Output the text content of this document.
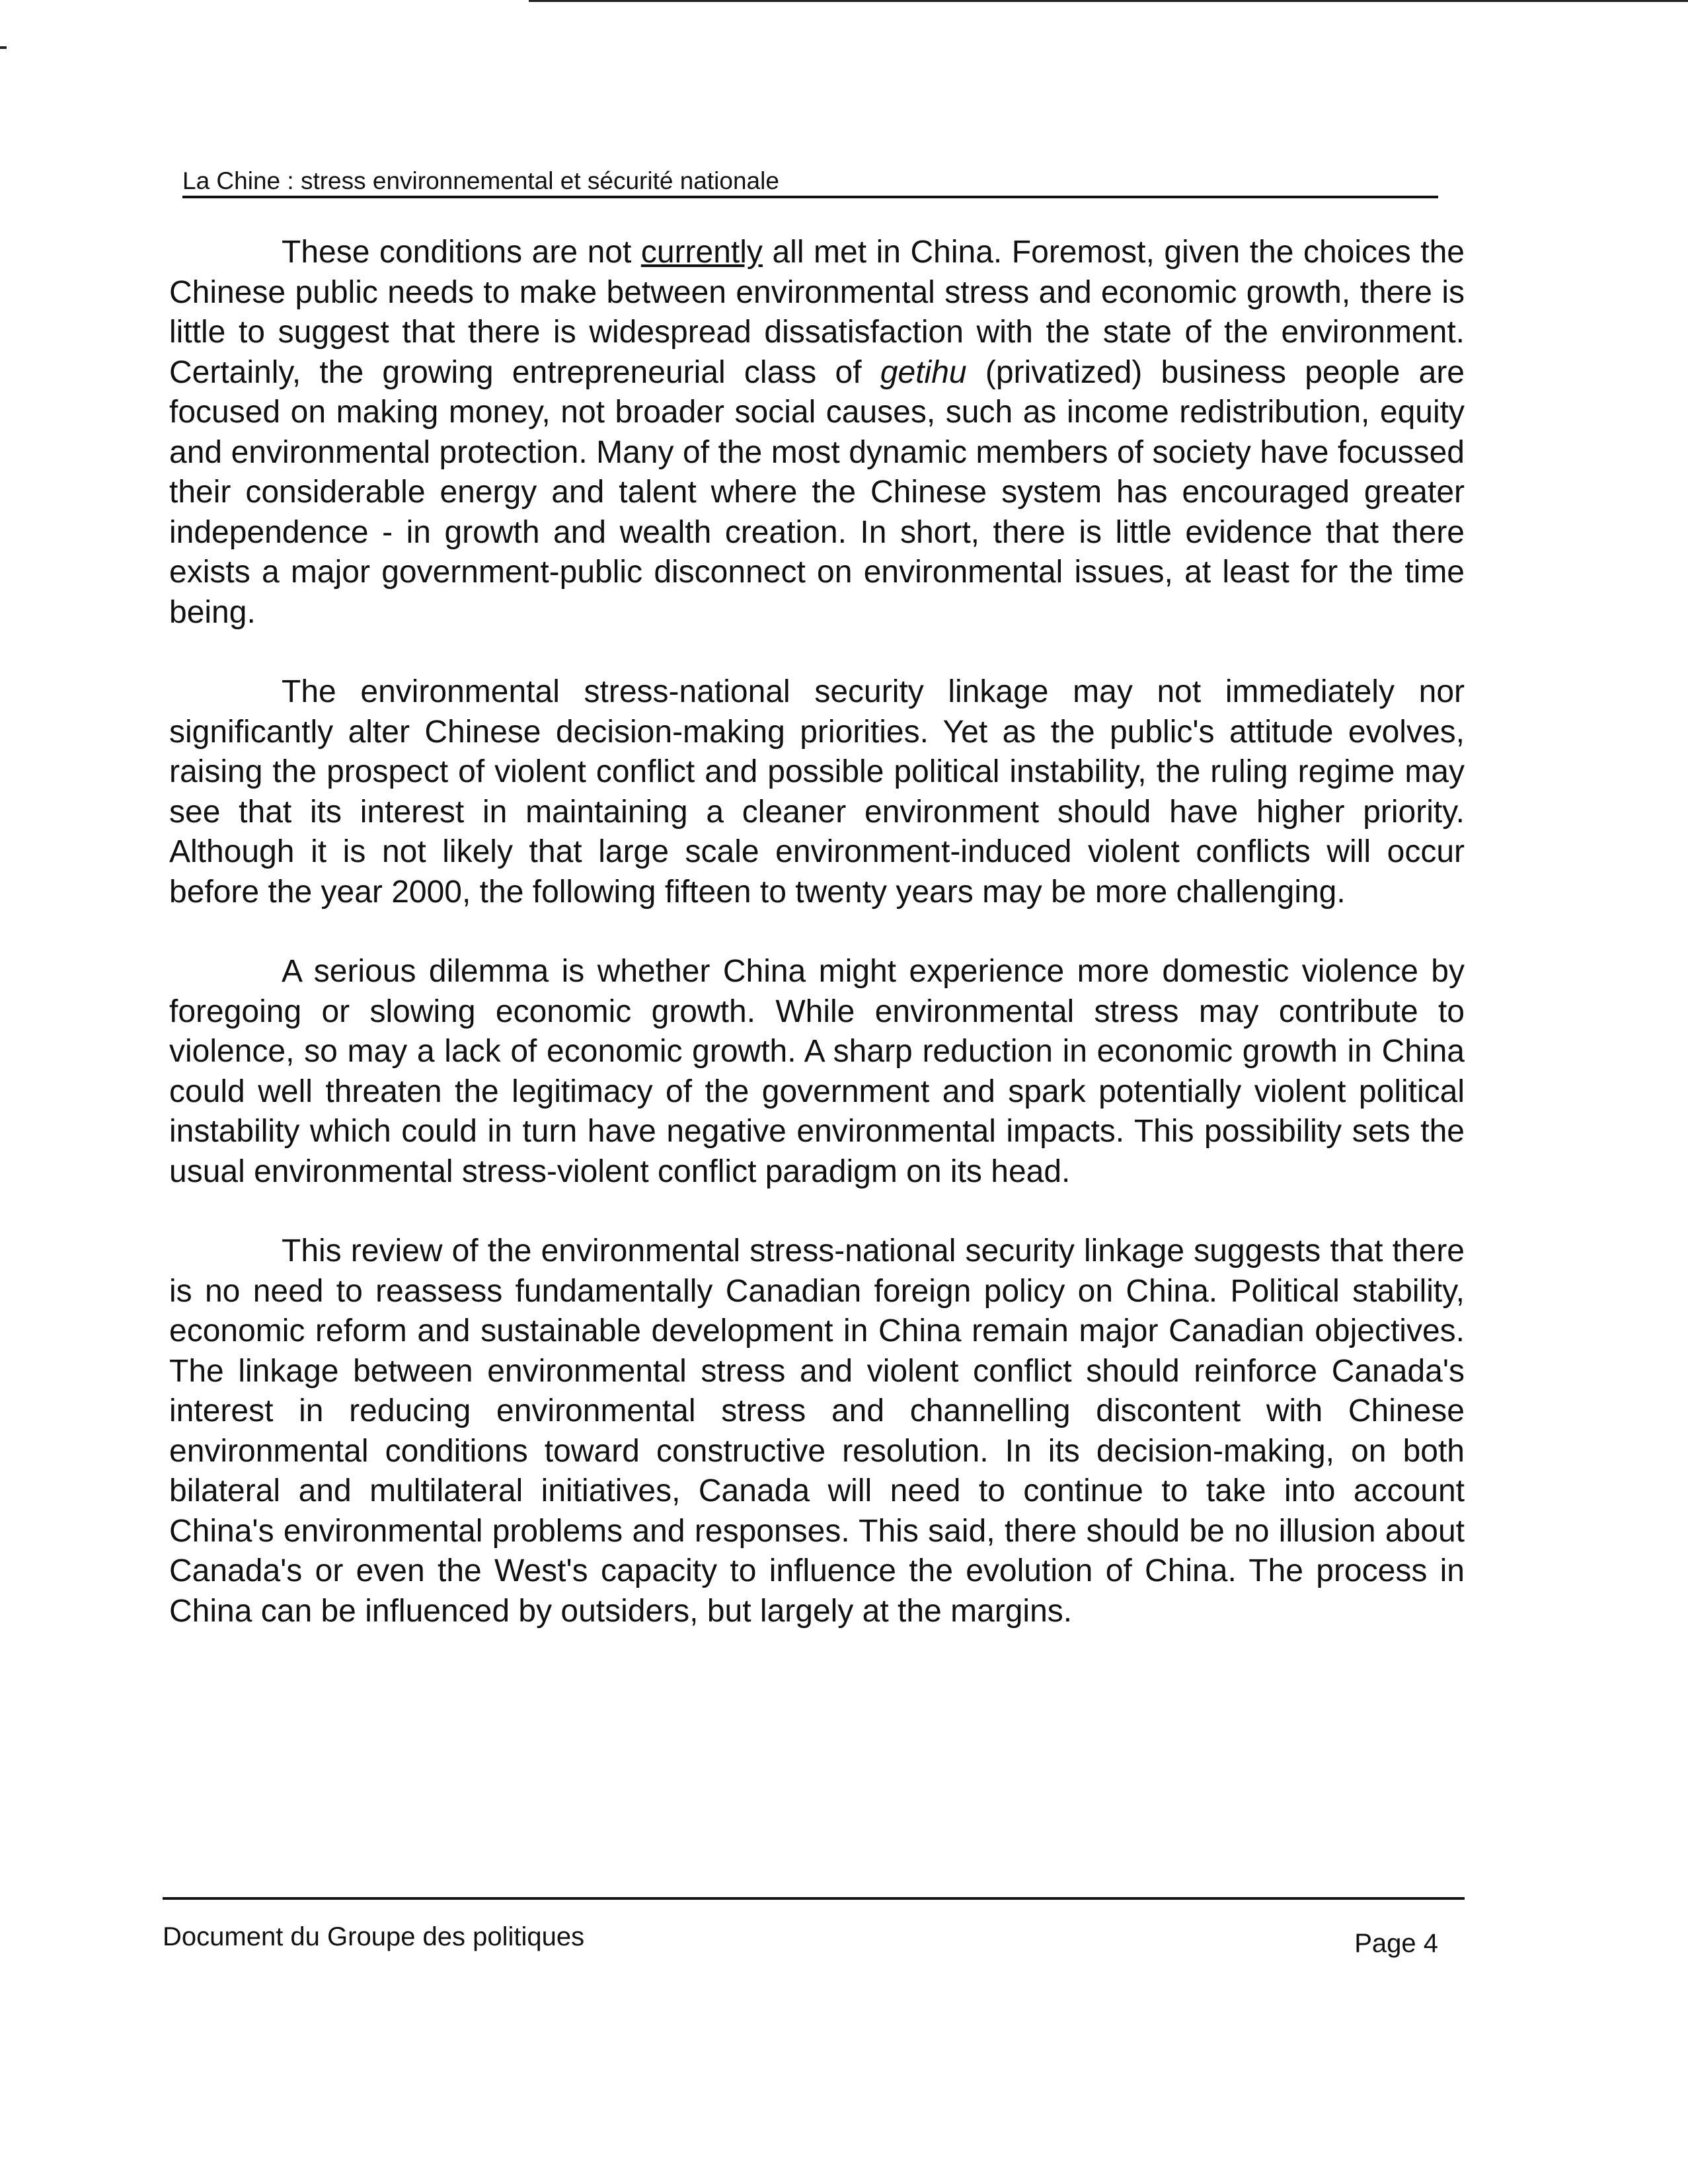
La Chine : stress environnemental et sécurité nationale

These conditions are not currently all met in China. Foremost, given the choices the Chinese public needs to make between environmental stress and economic growth, there is little to suggest that there is widespread dissatisfaction with the state of the environment. Certainly, the growing entrepreneurial class of getihu (privatized) business people are focused on making money, not broader social causes, such as income redistribution, equity and environmental protection. Many of the most dynamic members of society have focussed their considerable energy and talent where the Chinese system has encouraged greater independence - in growth and wealth creation. In short, there is little evidence that there exists a major government-public disconnect on environmental issues, at least for the time being.

The environmental stress-national security linkage may not immediately nor significantly alter Chinese decision-making priorities. Yet as the public's attitude evolves, raising the prospect of violent conflict and possible political instability, the ruling regime may see that its interest in maintaining a cleaner environment should have higher priority. Although it is not likely that large scale environment-induced violent conflicts will occur before the year 2000, the following fifteen to twenty years may be more challenging.

A serious dilemma is whether China might experience more domestic violence by foregoing or slowing economic growth. While environmental stress may contribute to violence, so may a lack of economic growth. A sharp reduction in economic growth in China could well threaten the legitimacy of the government and spark potentially violent political instability which could in turn have negative environmental impacts. This possibility sets the usual environmental stress-violent conflict paradigm on its head.

This review of the environmental stress-national security linkage suggests that there is no need to reassess fundamentally Canadian foreign policy on China. Political stability, economic reform and sustainable development in China remain major Canadian objectives. The linkage between environmental stress and violent conflict should reinforce Canada's interest in reducing environmental stress and channelling discontent with Chinese environmental conditions toward constructive resolution. In its decision-making, on both bilateral and multilateral initiatives, Canada will need to continue to take into account China's environmental problems and responses. This said, there should be no illusion about Canada's or even the West's capacity to influence the evolution of China. The process in China can be influenced by outsiders, but largely at the margins.

Document du Groupe des politiques	Page 4
